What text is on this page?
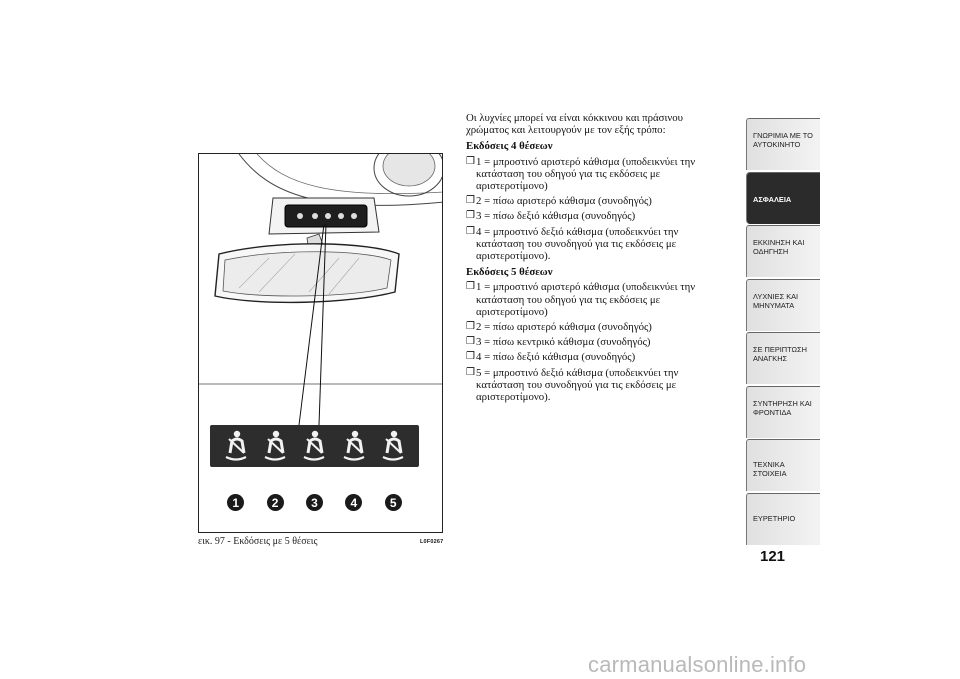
1	2	3	4	5
εικ. 97 - Εκδόσεις με 5 θέσεις	L0F0267

Οι λυχνίες μπορεί να είναι κόκκινου και πράσινου χρώματος και λειτουργούν με τον εξής τρόπο:

Εκδόσεις 4 θέσεων
❒
1 = μπροστινό αριστερό κάθισμα (υποδεικνύει την κατάσταση του οδηγού για τις εκδόσεις με αριστεροτίμονο)
❒
2 = πίσω αριστερό κάθισμα (συνοδηγός)
❒
3 = πίσω δεξιό κάθισμα (συνοδηγός)
❒
4 = μπροστινό δεξιό κάθισμα (υποδεικνύει την κατάσταση του συνοδηγού για τις εκδόσεις με αριστεροτίμονο).
Εκδόσεις 5 θέσεων
❒
1 = μπροστινό αριστερό κάθισμα (υποδεικνύει την κατάσταση του οδηγού για τις εκδόσεις με αριστεροτίμονο)
❒
2 = πίσω αριστερό κάθισμα (συνοδηγός)
❒
3 = πίσω κεντρικό κάθισμα (συνοδηγός)
❒
4 = πίσω δεξιό κάθισμα (συνοδηγός)
❒
5 = μπροστινό δεξιό κάθισμα (υποδεικνύει την κατάσταση του συνοδηγού για τις εκδόσεις με αριστεροτίμονο).
ΓΝΩΡΙΜΙΑ ΜΕ ΤΟ ΑΥΤΟΚΙΝΗΤΟ
ΑΣΦΑΛΕΙΑ
ΕΚΚΙΝΗΣΗ ΚΑΙ ΟΔΗΓΗΣΗ
ΛΥΧΝΙΕΣ ΚΑΙ ΜΗΝΥΜΑΤΑ
ΣΕ ΠΕΡΙΠΤΩΣΗ ΑΝΑΓΚΗΣ
ΣΥΝΤΗΡΗΣΗ ΚΑΙ ΦΡΟΝΤΙΔΑ
ΤΕΧΝΙΚΑ ΣΤΟΙΧΕΙΑ
ΕΥΡΕΤΗΡΙΟ
121
carmanualsonline.info
